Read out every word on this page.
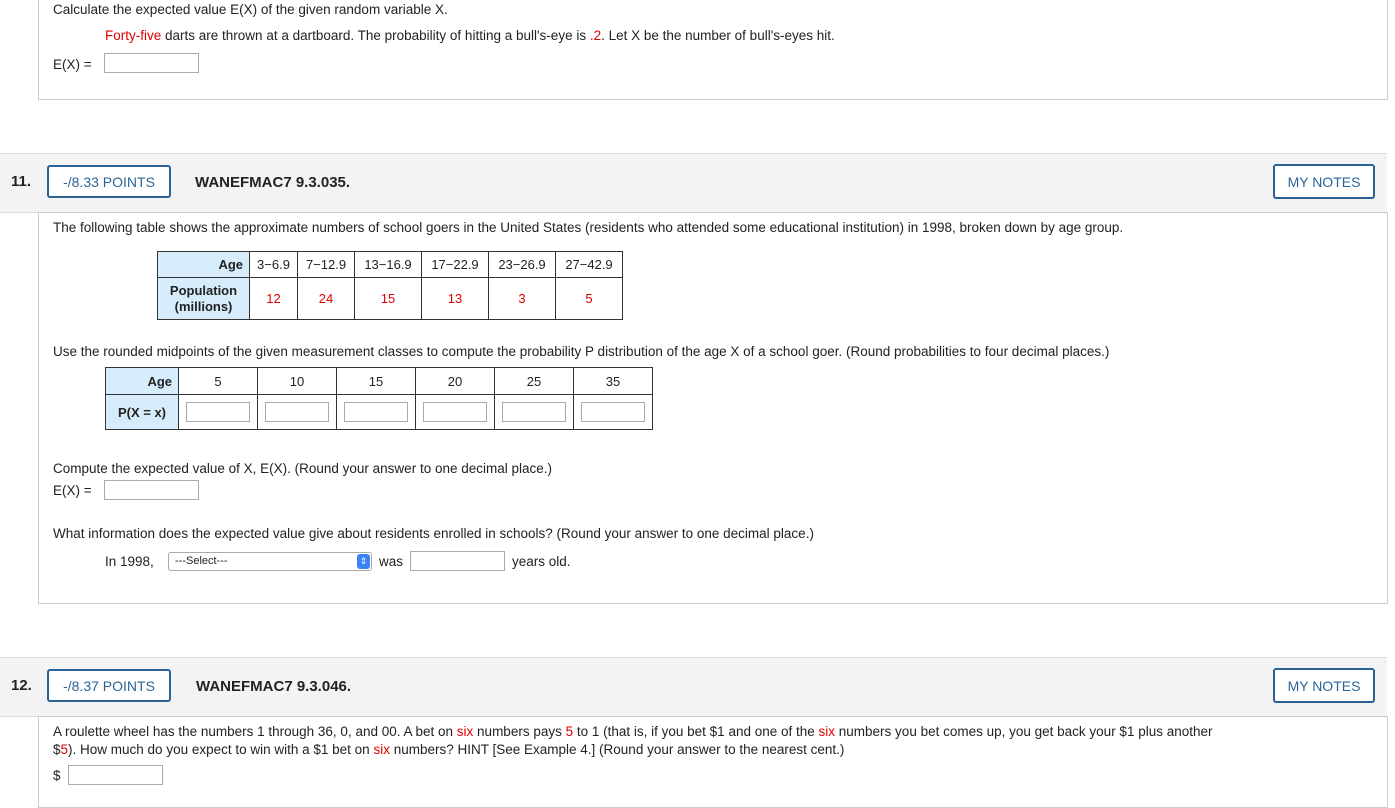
Calculate the expected value E(X) of the given random variable X.
Forty-five darts are thrown at a dartboard. The probability of hitting a bull's-eye is .2. Let X be the number of bull's-eyes hit.
E(X) =
11.	-/8.33 POINTS	WANEFMAC7 9.3.035.	MY NOTES
The following table shows the approximate numbers of school goers in the United States (residents who attended some educational institution) in 1998, broken down by age group.
Age	3−6.9	7−12.9	13−16.9	17−22.9	23−26.9	27−42.9
Population
(millions)	12	24	15	13	3	5
Use the rounded midpoints of the given measurement classes to compute the probability P distribution of the age X of a school goer. (Round probabilities to four decimal places.)
Age	5	10	15	20	25	35
P(X = x)						
Compute the expected value of X, E(X). (Round your answer to one decimal place.)
E(X) =
What information does the expected value give about residents enrolled in schools? (Round your answer to one decimal place.)
In 1998,	---Select---	⇕ was	years old.
12.	-/8.37 POINTS	WANEFMAC7 9.3.046.	MY NOTES
A roulette wheel has the numbers 1 through 36, 0, and 00. A bet on six numbers pays 5 to 1 (that is, if you bet $1 and one of the six numbers you bet comes up, you get back your $1 plus another
$5). How much do you expect to win with a $1 bet on six numbers? HINT [See Example 4.] (Round your answer to the nearest cent.)
$
